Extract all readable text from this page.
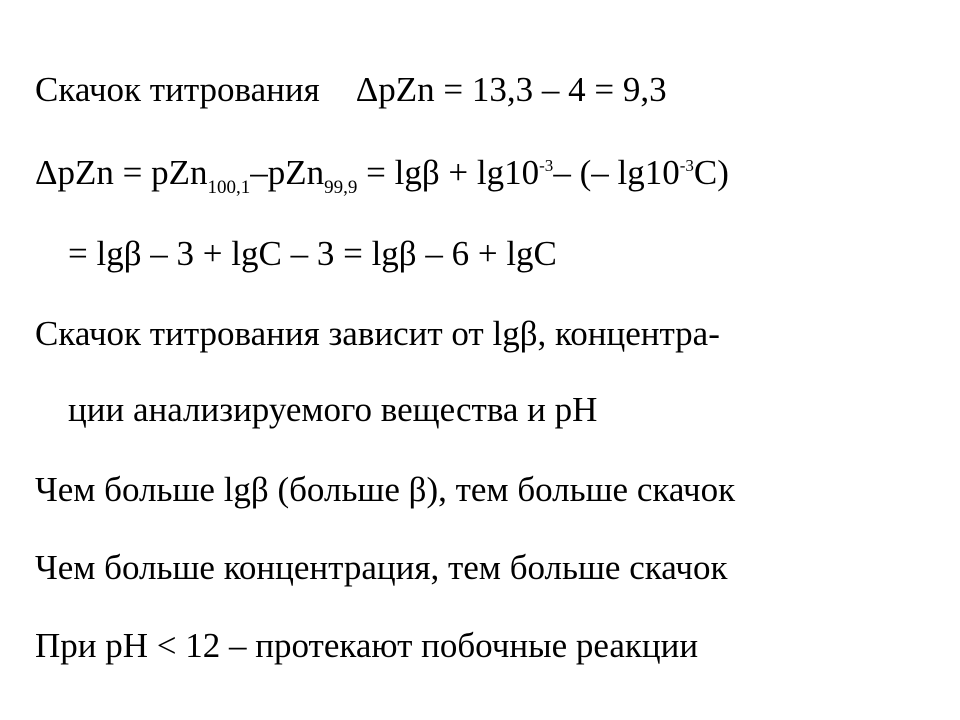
Скачок титрования ΔpZn = 13,3 – 4 = 9,3
$\Delta pZn = pZn_{100,1}-pZn_{99,9} = \lg\beta + \lg 10^{-3}-$ (– $\lg 10^{-3}C$)
= lgβ – 3 + lgC – 3 = lgβ – 6 + lgC
Скачок титрования зависит от lgβ, концентра-
ции анализируемого вещества и pH
Чем больше lgβ (больше β), тем больше скачок
Чем больше концентрация, тем больше скачок
При pH < 12 – протекают побочные реакции
